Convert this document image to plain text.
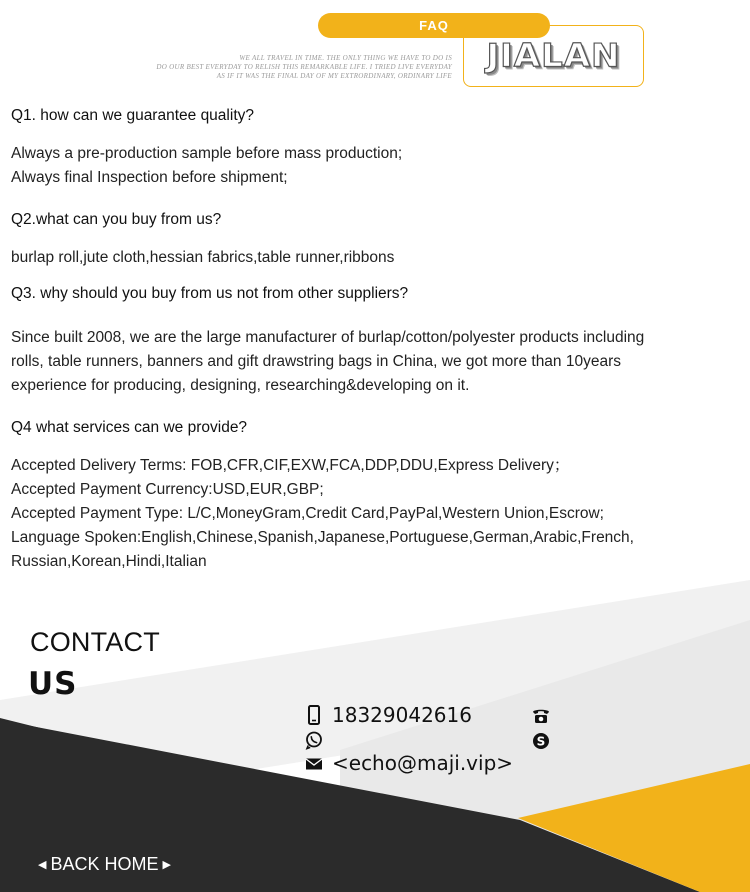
FAQ
WE ALL TRAVEL IN TIME. THE ONLY THING WE HAVE TO DO IS
DO OUR BEST EVERYDAY TO RELISH THIS REMARKABLE LIFE. I TRIED LIVE EVERYDAY
AS IF IT WAS THE FINAL DAY OF MY EXTRORDINARY, ORDINARY LIFE
JIALAN
Q1. how can we guarantee quality?
Always a pre-production sample before mass production;
Always final Inspection before shipment;
Q2.what can you buy from us?
burlap roll,jute cloth,hessian fabrics,table runner,ribbons
Q3. why should you buy from us not from other suppliers?
Since built 2008, we are the large manufacturer of burlap/cotton/polyester products including
rolls, table runners, banners and gift drawstring bags in China, we got more than 10years
experience for producing, designing, researching&developing on it.
Q4 what services can we provide?
Accepted Delivery Terms: FOB,CFR,CIF,EXW,FCA,DDP,DDU,Express Delivery；
Accepted Payment Currency:USD,EUR,GBP;
Accepted Payment Type: L/C,MoneyGram,Credit Card,PayPal,Western Union,Escrow;
Language Spoken:English,Chinese,Spanish,Japanese,Portuguese,German,Arabic,French,
Russian,Korean,Hindi,Italian
CONTACT
US
18329042616
<echo@maji.vip>
S
◀ BACK HOME ▶
